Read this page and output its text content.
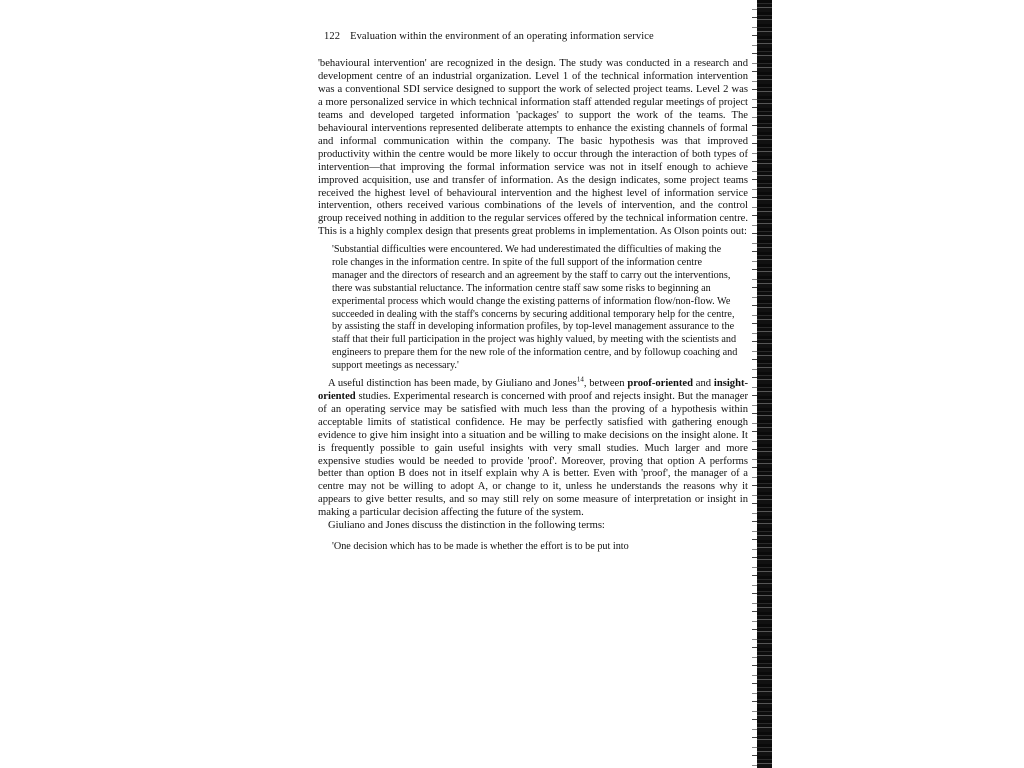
122 Evaluation within the environment of an operating information service

'behavioural intervention' are recognized in the design. The study was conducted in a research and development centre of an industrial organization. Level 1 of the technical information intervention was a conventional SDI service designed to support the work of selected project teams. Level 2 was a more personalized service in which technical information staff attended regular meetings of project teams and developed targeted information 'packages' to support the work of the teams. The behavioural interventions represented deliberate attempts to enhance the existing channels of formal and informal communication within the company. The basic hypothesis was that improved productivity within the centre would be more likely to occur through the interaction of both types of intervention—that improving the formal information service was not in itself enough to achieve improved acquisition, use and transfer of information. As the design indicates, some project teams received the highest level of behavioural intervention and the highest level of information service intervention, others received various combinations of the levels of intervention, and the control group received nothing in addition to the regular services offered by the technical information centre. This is a highly complex design that presents great problems in implementation. As Olson points out:

'Substantial difficulties were encountered. We had underestimated the difficulties of making the role changes in the information centre. In spite of the full support of the information centre manager and the directors of research and an agreement by the staff to carry out the interventions, there was substantial reluctance. The information centre staff saw some risks to beginning an experimental process which would change the existing patterns of information flow/non-flow. We succeeded in dealing with the staff's concerns by securing additional temporary help for the centre, by assisting the staff in developing information profiles, by top-level management assurance to the staff that their full participation in the project was highly valued, by meeting with the scientists and engineers to prepare them for the new role of the information centre, and by followup coaching and support meetings as necessary.'

A useful distinction has been made, by Giuliano and Jones$^{14}$, between proof-oriented and insight-oriented studies. Experimental research is concerned with proof and rejects insight. But the manager of an operating service may be satisfied with much less than the proving of a hypothesis within acceptable limits of statistical confidence. He may be perfectly satisfied with gathering enough evidence to give him insight into a situation and be willing to make decisions on the insight alone. It is frequently possible to gain useful insights with very small studies. Much larger and more expensive studies would be needed to provide 'proof'. Moreover, proving that option A performs better than option B does not in itself explain why A is better. Even with 'proof', the manager of a centre may not be willing to adopt A, or change to it, unless he understands the reasons why it appears to give better results, and so may still rely on some measure of interpretation or insight in making a particular decision affecting the future of the system.

Giuliano and Jones discuss the distinction in the following terms:

'One decision which has to be made is whether the effort is to be put into
